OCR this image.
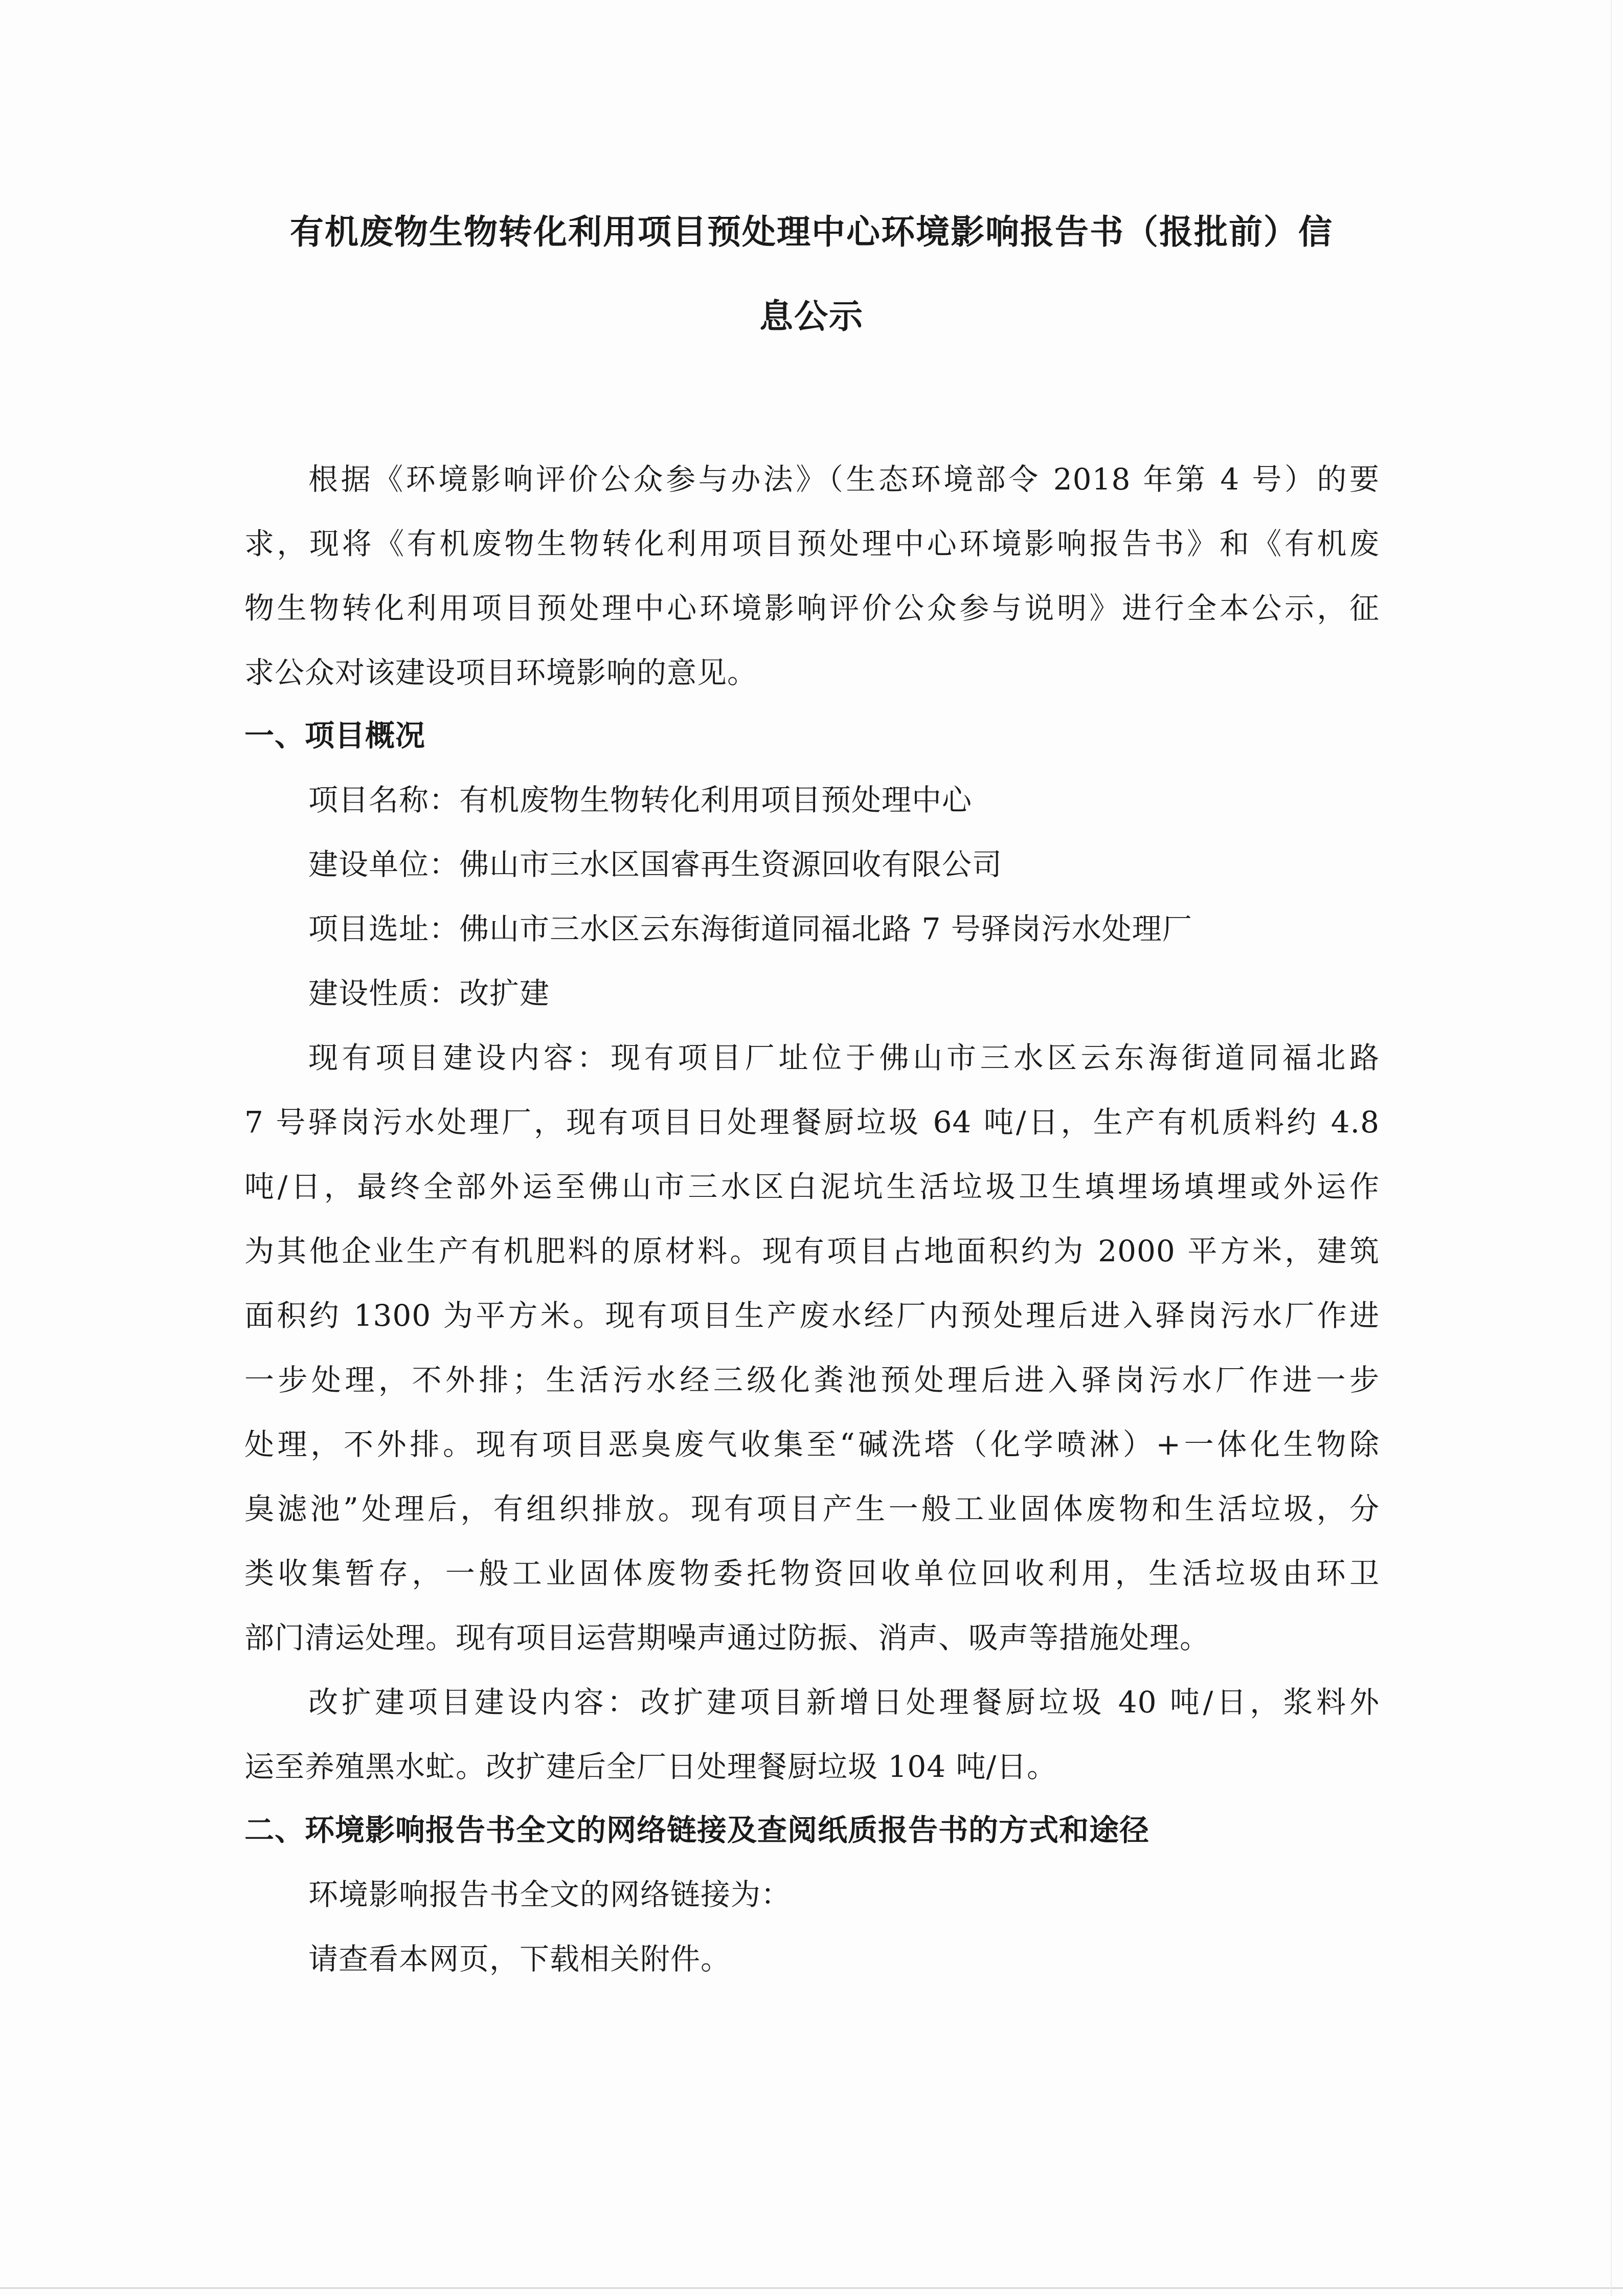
有机废物生物转化利用项目预处理中心环境影响报告书（报批前）信
息公示
根据《环境影响评价公众参与办法》（生态环境部令 2018 年第 4 号）的要
求，现将《有机废物生物转化利用项目预处理中心环境影响报告书》和《有机废
物生物转化利用项目预处理中心环境影响评价公众参与说明》进行全本公示，征
求公众对该建设项目环境影响的意见。
一、项目概况
项目名称：有机废物生物转化利用项目预处理中心
建设单位：佛山市三水区国睿再生资源回收有限公司
项目选址：佛山市三水区云东海街道同福北路 7 号驿岗污水处理厂
建设性质：改扩建
现有项目建设内容：现有项目厂址位于佛山市三水区云东海街道同福北路
7 号驿岗污水处理厂，现有项目日处理餐厨垃圾 64 吨/日，生产有机质料约 4.8
吨/日，最终全部外运至佛山市三水区白泥坑生活垃圾卫生填埋场填埋或外运作
为其他企业生产有机肥料的原材料。现有项目占地面积约为 2000 平方米，建筑
面积约 1300 为平方米。现有项目生产废水经厂内预处理后进入驿岗污水厂作进
一步处理，不外排；生活污水经三级化粪池预处理后进入驿岗污水厂作进一步
处理，不外排。现有项目恶臭废气收集至“碱洗塔（化学喷淋）+一体化生物除
臭滤池”处理后，有组织排放。现有项目产生一般工业固体废物和生活垃圾，分
类收集暂存，一般工业固体废物委托物资回收单位回收利用，生活垃圾由环卫
部门清运处理。现有项目运营期噪声通过防振、消声、吸声等措施处理。
改扩建项目建设内容：改扩建项目新增日处理餐厨垃圾 40 吨/日，浆料外
运至养殖黑水虻。改扩建后全厂日处理餐厨垃圾 104 吨/日。
二、环境影响报告书全文的网络链接及查阅纸质报告书的方式和途径
环境影响报告书全文的网络链接为：
请查看本网页，下载相关附件。
